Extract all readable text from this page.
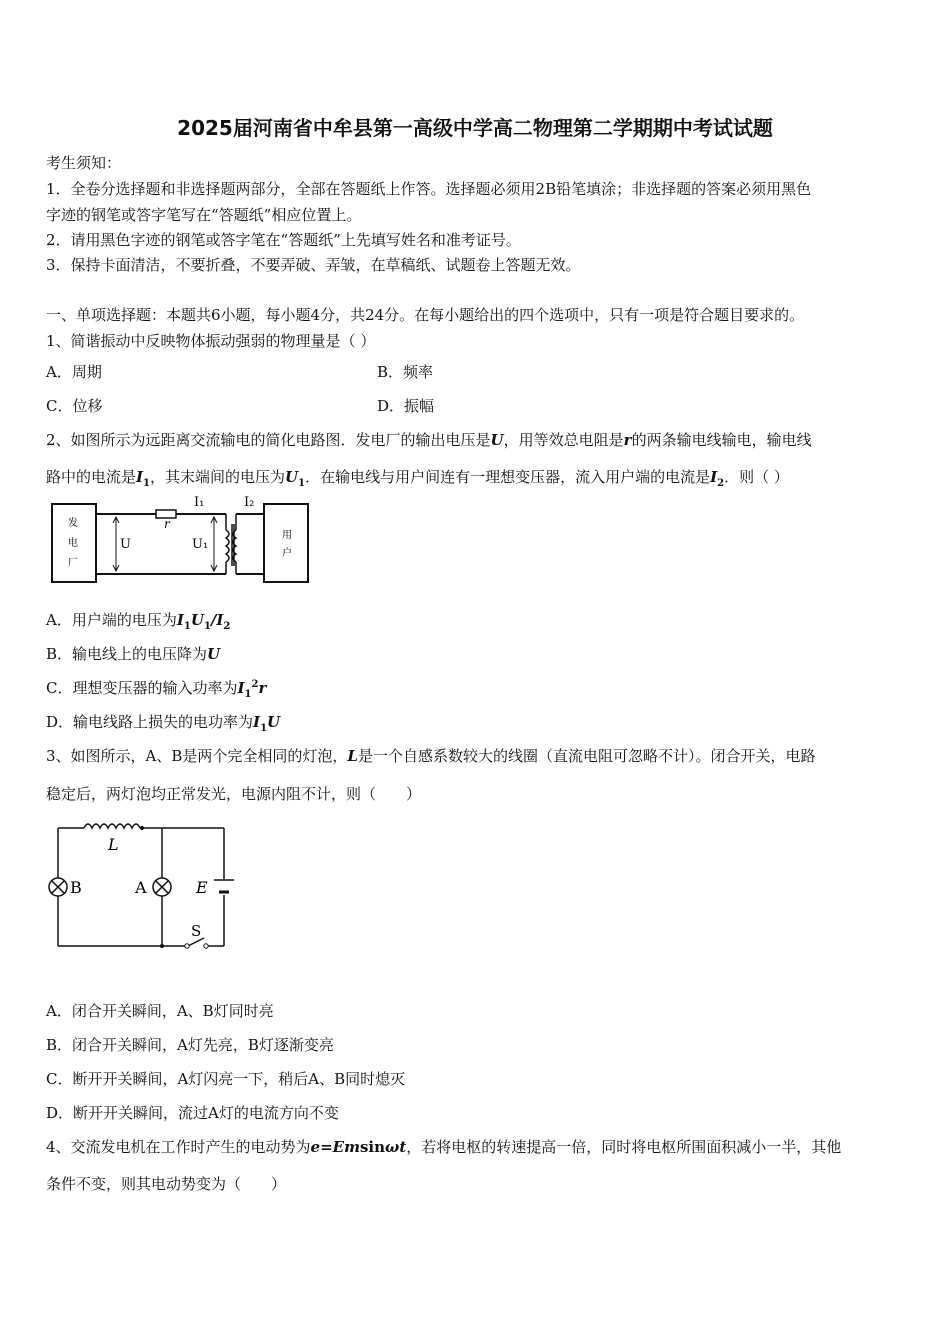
2025届河南省中牟县第一高级中学高二物理第二学期期中考试试题
考生须知：
1．全卷分选择题和非选择题两部分，全部在答题纸上作答。选择题必须用2B铅笔填涂；非选择题的答案必须用黑色
字迹的钢笔或答字笔写在“答题纸”相应位置上。
2．请用黑色字迹的钢笔或答字笔在“答题纸”上先填写姓名和准考证号。
3．保持卡面清洁，不要折叠，不要弄破、弄皱，在草稿纸、试题卷上答题无效。
一、单项选择题：本题共6小题，每小题4分，共24分。在每小题给出的四个选项中，只有一项是符合题目要求的。
1、简谐振动中反映物体振动强弱的物理量是（ ）
A．周期	B．频率
C．位移	D．振幅
2、如图所示为远距离交流输电的简化电路图．发电厂的输出电压是U，用等效总电阻是r的两条输电线输电，输电线
路中的电流是$I_1$，其末端间的电压为$U_1$．在输电线与用户间连有一理想变压器，流入用户端的电流是$I_2$．则（ ）
发
电
厂
用
户
U
r
I₁	I₂
U₁
A．用户端的电压为$I_1U_1/I_2$
B．输电线上的电压降为U
C．理想变压器的输入功率为$I_1^2r$
D．输电线路上损失的电功率为$I_1U$
3、如图所示，A、B是两个完全相同的灯泡，L是一个自感系数较大的线圈（直流电阻可忽略不计）。闭合开关，电路
稳定后，两灯泡均正常发光，电源内阻不计，则（　　）
L
B	A	E
S
A．闭合开关瞬间，A、B灯同时亮
B．闭合开关瞬间，A灯先亮，B灯逐渐变亮
C．断开开关瞬间，A灯闪亮一下，稍后A、B同时熄灭
D．断开开关瞬间，流过A灯的电流方向不变
4、交流发电机在工作时产生的电动势为e=Emsinωt，若将电枢的转速提高一倍，同时将电枢所围面积减小一半，其他
条件不变，则其电动势变为（　　）
